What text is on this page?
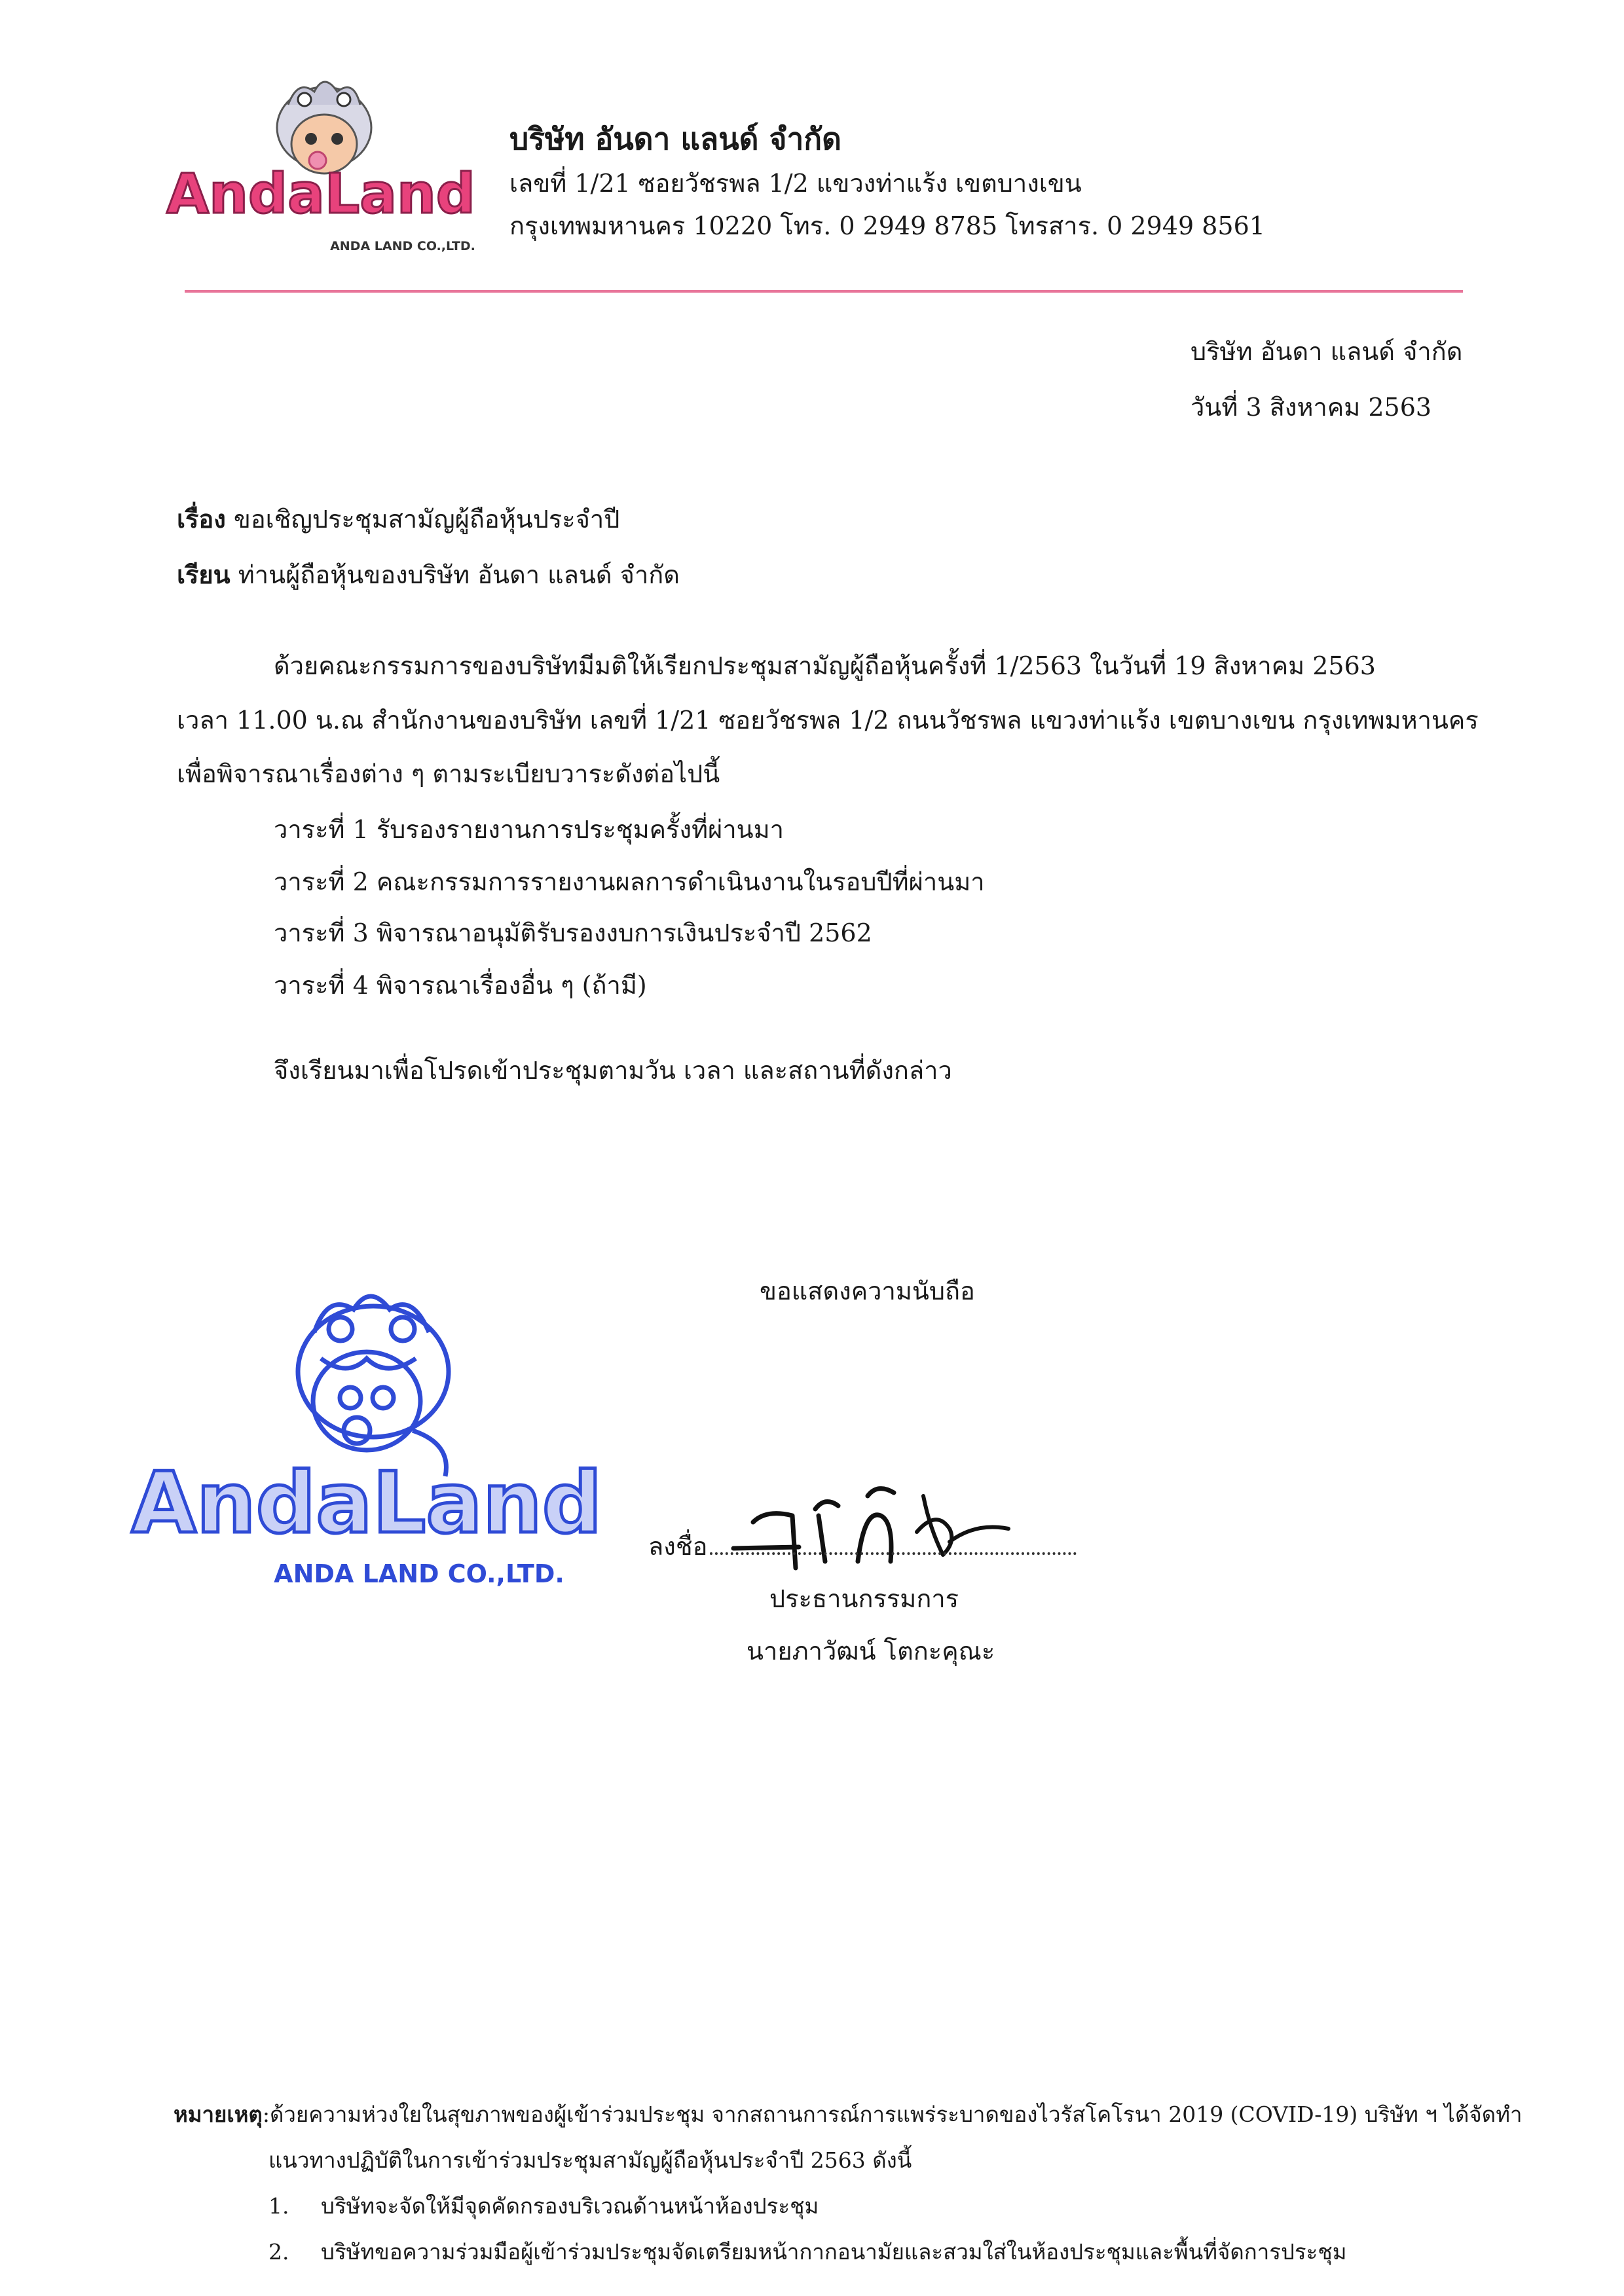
AndaLand
ANDA LAND CO.,LTD.
บริษัท อันดา แลนด์ จำกัด
เลขที่ 1/21 ซอยวัชรพล 1/2 แขวงท่าแร้ง เขตบางเขน
กรุงเทพมหานคร 10220 โทร. 0 2949 8785 โทรสาร. 0 2949 8561
บริษัท อันดา แลนด์ จำกัด
วันที่ 3 สิงหาคม 2563
เรื่อง ขอเชิญประชุมสามัญผู้ถือหุ้นประจำปี
เรียน ท่านผู้ถือหุ้นของบริษัท อันดา แลนด์ จำกัด
ด้วยคณะกรรมการของบริษัทมีมติให้เรียกประชุมสามัญผู้ถือหุ้นครั้งที่ 1/2563 ในวันที่ 19 สิงหาคม 2563
เวลา 11.00 น.ณ สำนักงานของบริษัท เลขที่ 1/21 ซอยวัชรพล 1/2 ถนนวัชรพล แขวงท่าแร้ง เขตบางเขน กรุงเทพมหานคร
เพื่อพิจารณาเรื่องต่าง ๆ ตามระเบียบวาระดังต่อไปนี้
วาระที่ 1 รับรองรายงานการประชุมครั้งที่ผ่านมา
วาระที่ 2 คณะกรรมการรายงานผลการดำเนินงานในรอบปีที่ผ่านมา
วาระที่ 3 พิจารณาอนุมัติรับรองงบการเงินประจำปี 2562
วาระที่ 4 พิจารณาเรื่องอื่น ๆ (ถ้ามี)
จึงเรียนมาเพื่อโปรดเข้าประชุมตามวัน เวลา และสถานที่ดังกล่าว
ขอแสดงความนับถือ
ลงชื่อ
ประธานกรรมการ
นายภาวัฒน์ โตกะคุณะ
AndaLand
ANDA LAND CO.,LTD.
หมายเหตุ:ด้วยความห่วงใยในสุขภาพของผู้เข้าร่วมประชุม จากสถานการณ์การแพร่ระบาดของไวรัสโคโรนา 2019 (COVID-19) บริษัท ฯ ได้จัดทำ
แนวทางปฏิบัติในการเข้าร่วมประชุมสามัญผู้ถือหุ้นประจำปี 2563 ดังนี้
1. บริษัทจะจัดให้มีจุดคัดกรองบริเวณด้านหน้าห้องประชุม
2. บริษัทขอความร่วมมือผู้เข้าร่วมประชุมจัดเตรียมหน้ากากอนามัยและสวมใส่ในห้องประชุมและพื้นที่จัดการประชุม
